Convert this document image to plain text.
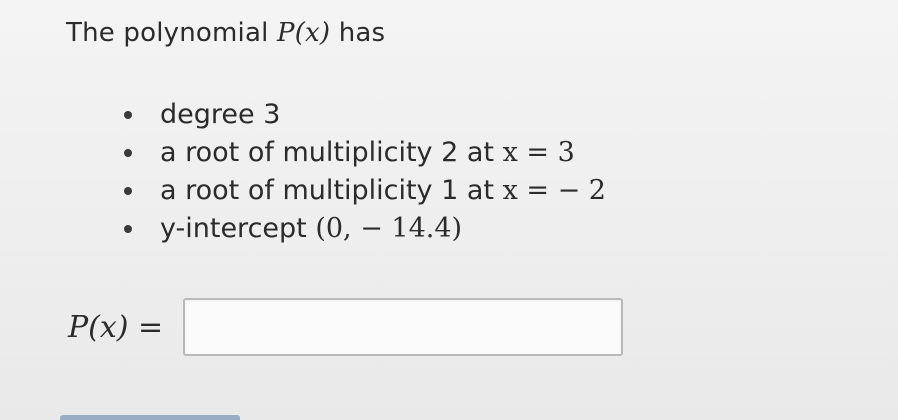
The polynomial P(x) has
degree 3
a root of multiplicity 2 at x = 3
a root of multiplicity 1 at x = − 2
y-intercept (0, − 14.4)
P(x) =
